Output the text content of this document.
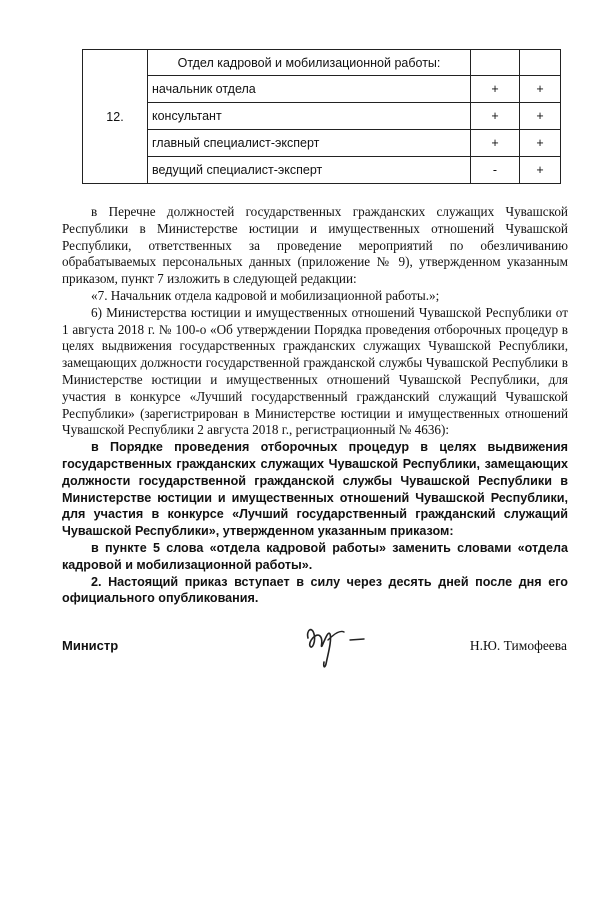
12.	Отдел кадровой и мобилизационной работы:		
	начальник отдела	+	+
	консультант	+	+
	главный специалист-эксперт	+	+
	ведущий специалист-эксперт	-	+

в Перечне должностей государственных гражданских служащих Чувашской Республики в Министерстве юстиции и имущественных отношений Чувашской Республики, ответственных за проведение мероприятий по обезличиванию обрабатываемых персональных данных (приложение № 9), утвержденном указанным приказом, пункт 7 изложить в следующей редакции:

«7. Начальник отдела кадровой и мобилизационной работы.»;

6) Министерства юстиции и имущественных отношений Чувашской Республики от 1 августа 2018 г. № 100-о «Об утверждении Порядка проведения отборочных процедур в целях выдвижения государственных гражданских служащих Чувашской Республики, замещающих должности государственной гражданской службы Чувашской Республики в Министерстве юстиции и имущественных отношений Чувашской Республики, для участия в конкурсе «Лучший государственный гражданский служащий Чувашской Республики» (зарегистрирован в Министерстве юстиции и имущественных отношений Чувашской Республики 2 августа 2018 г., регистрационный № 4636):

в Порядке проведения отборочных процедур в целях выдвижения государственных гражданских служащих Чувашской Республики, замещающих должности государственной гражданской службы Чувашской Республики в Министерстве юстиции и имущественных отношений Чувашской Республики, для участия в конкурсе «Лучший государственный гражданский служащий Чувашской Республики», утвержденном указанным приказом:

в пункте 5 слова «отдела кадровой работы» заменить словами «отдела кадровой и мобилизационной работы».

2. Настоящий приказ вступает в силу через десять дней после дня его официального опубликования.

Министр	Н.Ю. Тимофеева
